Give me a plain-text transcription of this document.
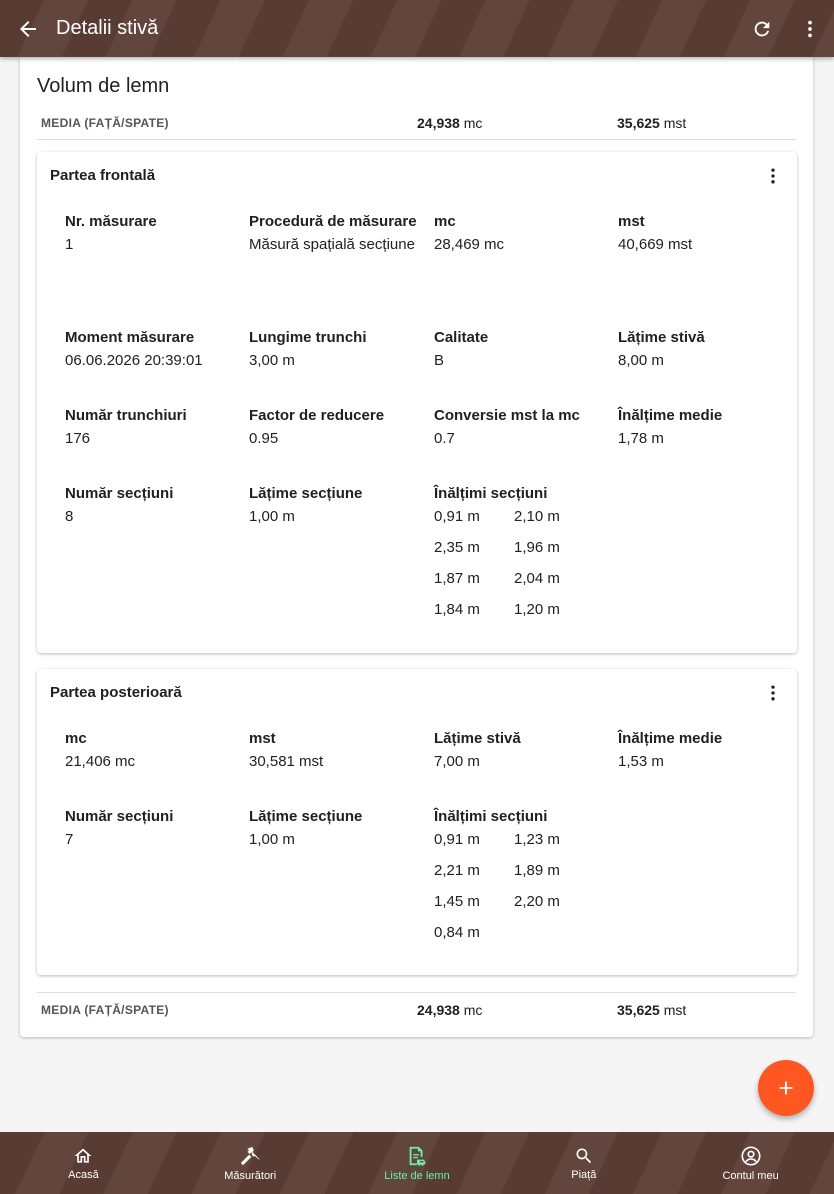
Detalii stivă
Volum de lemn
MEDIA (FAȚĂ/SPATE)	24,938 mc	35,625 mst
Partea frontală
Nr. măsurare
1
Procedură de măsurare
Măsură spațială secțiune
mc
28,469 mc
mst
40,669 mst
Moment măsurare
06.06.2026 20:39:01
Lungime trunchi
3,00 m
Calitate
B
Lățime stivă
8,00 m
Număr trunchiuri
176
Factor de reducere
0.95
Conversie mst la mc
0.7
Înălțime medie
1,78 m
Număr secțiuni
8
Lățime secțiune
1,00 m
Înălțimi secțiuni
0,91 m	2,10 m
2,35 m	1,96 m
1,87 m	2,04 m
1,84 m	1,20 m
Partea posterioară
mc
21,406 mc
mst
30,581 mst
Lățime stivă
7,00 m
Înălțime medie
1,53 m
Număr secțiuni
7
Lățime secțiune
1,00 m
Înălțimi secțiuni
0,91 m	1,23 m
2,21 m	1,89 m
1,45 m	2,20 m
0,84 m
MEDIA (FAȚĂ/SPATE)	24,938 mc	35,625 mst
Acasă	Măsurători	Liste de lemn	Piață	Contul meu
